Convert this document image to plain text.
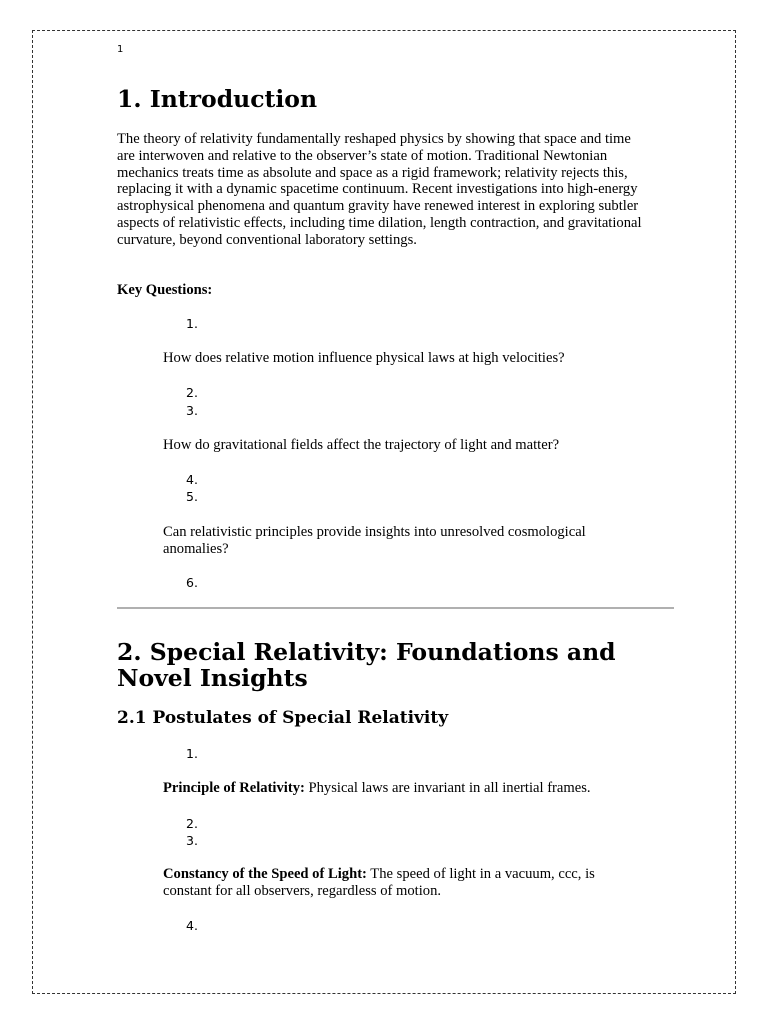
1
1. Introduction

The theory of relativity fundamentally reshaped physics by showing that space and time are interwoven and relative to the observer’s state of motion. Traditional Newtonian mechanics treats time as absolute and space as a rigid framework; relativity rejects this, replacing it with a dynamic spacetime continuum. Recent investigations into high-energy astrophysical phenomena and quantum gravity have renewed interest in exploring subtler aspects of relativistic effects, including time dilation, length contraction, and gravitational curvature, beyond conventional laboratory settings.

Key Questions:
1.

How does relative motion influence physical laws at high velocities?

2.
3.

How do gravitational fields affect the trajectory of light and matter?

4.
5.

Can relativistic principles provide insights into unresolved cosmological anomalies?

6.
2. Special Relativity: Foundations and Novel Insights
2.1 Postulates of Special Relativity
1.

Principle of Relativity: Physical laws are invariant in all inertial frames.

2.
3.

Constancy of the Speed of Light: The speed of light in a vacuum, ccc, is constant for all observers, regardless of motion.

4.
